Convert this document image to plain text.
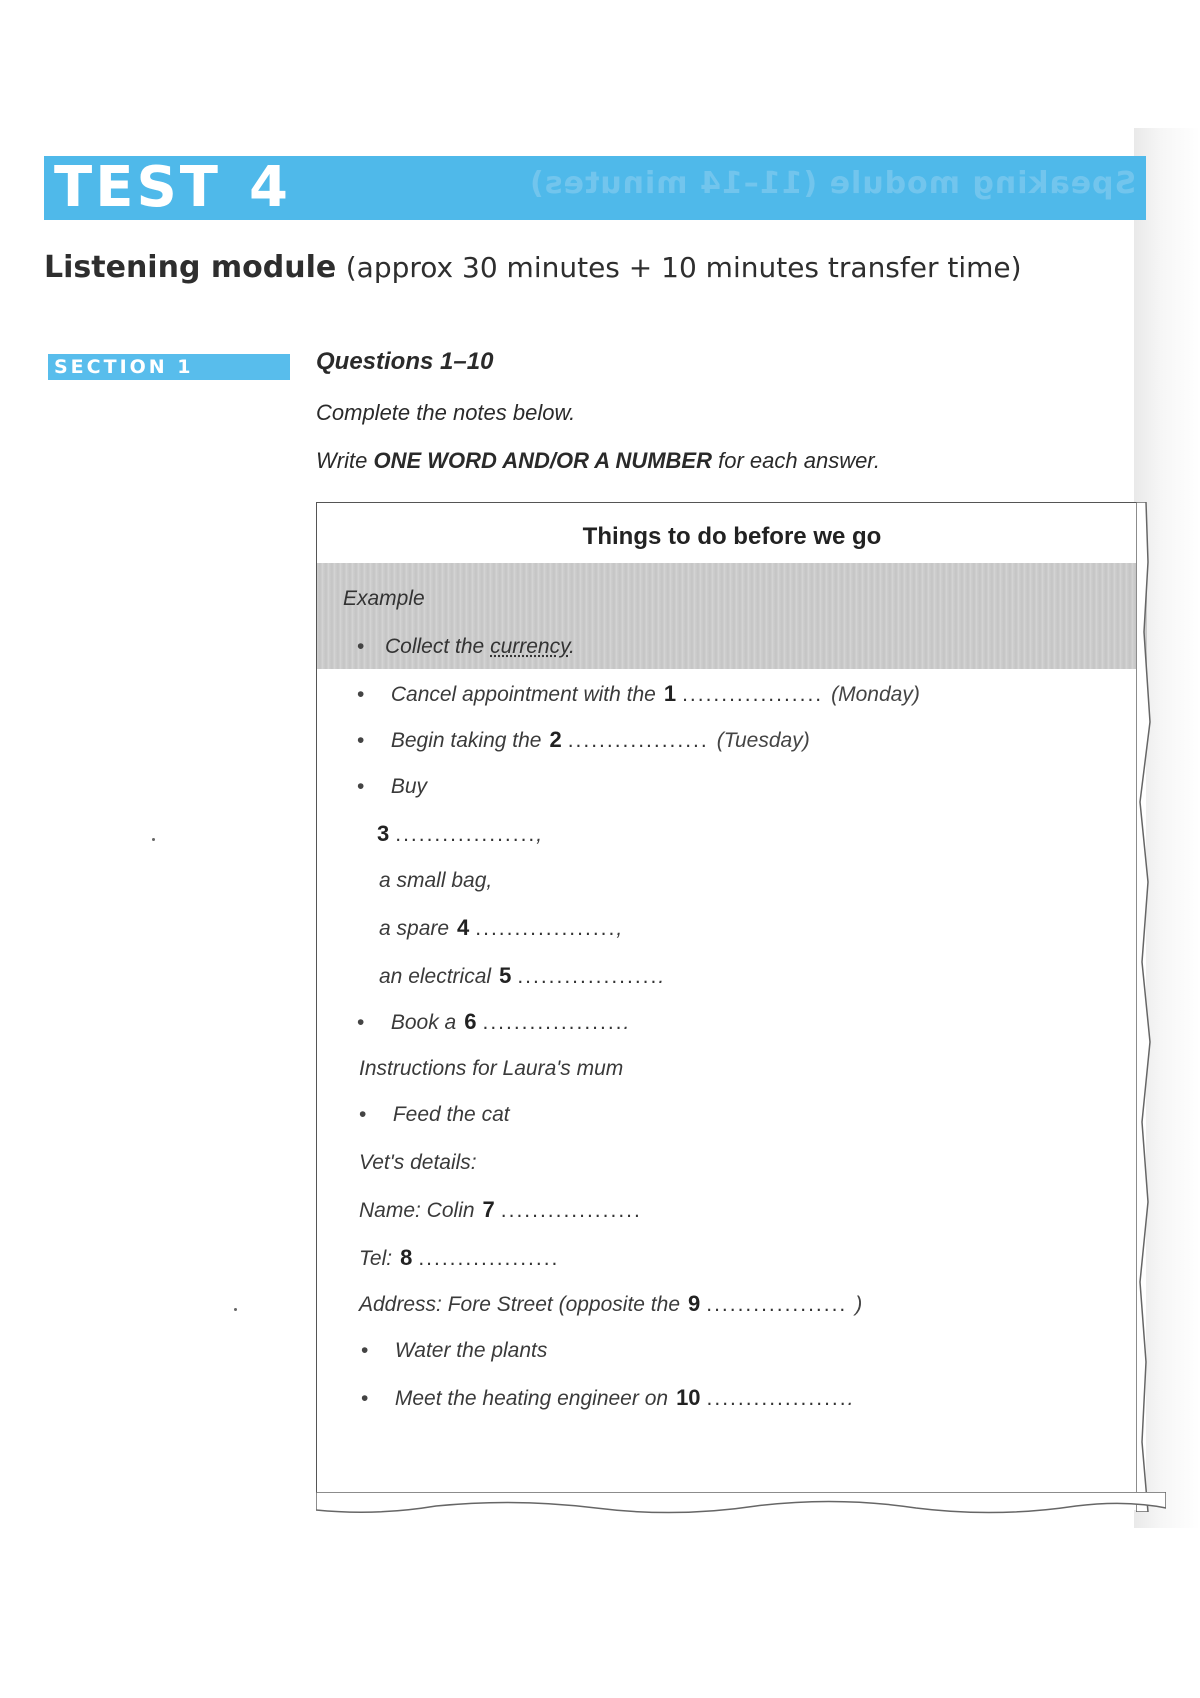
TEST 4	Speaking module (11–14 minutes)
Listening module (approx 30 minutes + 10 minutes transfer time)
SECTION 1	Questions 1–10
Complete the notes below.
Write ONE WORD AND/OR A NUMBER for each answer.
Things to do before we go
Example
• Collect the currency.
• Cancel appointment with the 1 .................. (Monday)
• Begin taking the 2 .................. (Tuesday)
• Buy
3 ..................,
a small bag,
a spare 4 ..................,
an electrical 5 ...................
• Book a 6 ...................
Instructions for Laura's mum
• Feed the cat
Vet's details:
Name: Colin 7 ..................
Tel: 8 ..................
Address: Fore Street (opposite the 9 .................. )
• Water the plants
• Meet the heating engineer on 10 ...................
